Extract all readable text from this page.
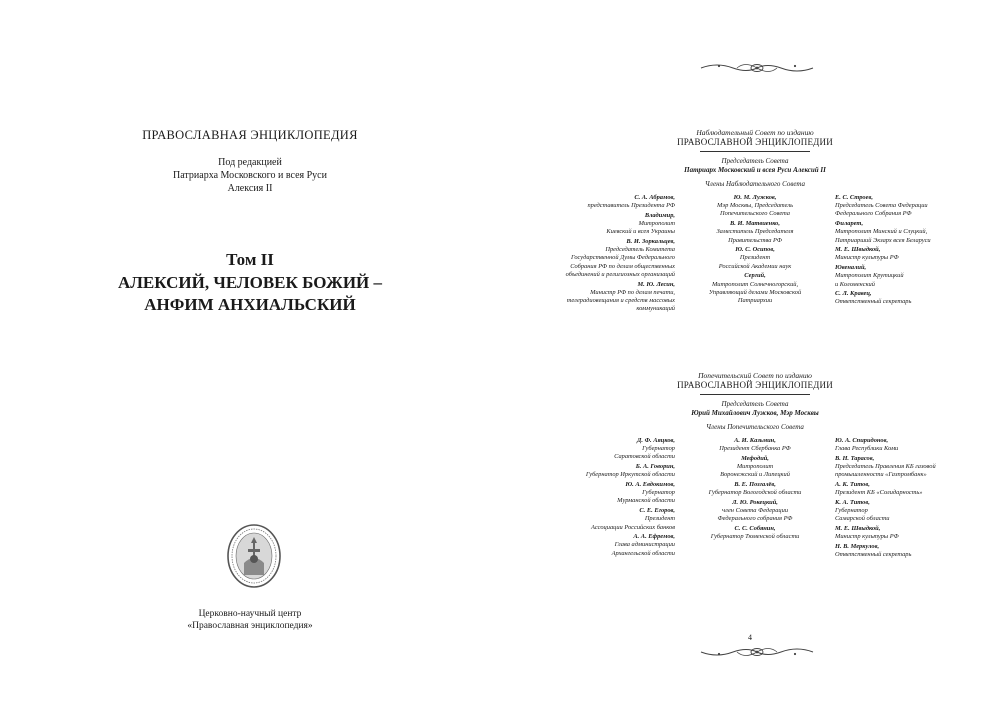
ПРАВОСЛАВНАЯ ЭНЦИКЛОПЕДИЯ
Под редакцией
Патриарха Московского и всея Руси
Алексия II
Том II
АЛЕКСИЙ, ЧЕЛОВЕК БОЖИЙ –
АНФИМ АНХИАЛЬСКИЙ
Церковно-научный центр
«Православная энциклопедия»
Наблюдательный Совет по изданию
ПРАВОСЛАВНОЙ ЭНЦИКЛОПЕДИИ
Председатель Совета
Патриарх Московский и всея Руси Алексий II
Члены Наблюдательного Совета
С. А. Абрамов,
представитель Президента РФ
Владимир,
Митрополит
Киевский и всея Украины
В. И. Зоркальцев,
Председатель Комитета
Государственной Думы Федерального
Собрания РФ по делам общественных
объединений и религиозных организаций
М. Ю. Лесин,
Министр РФ по делам печати,
телерадиовещания и средств массовых
коммуникаций
Ю. М. Лужков,
Мэр Москвы, Председатель
Попечительского Совета
В. И. Матвиенко,
Заместитель Председателя
Правительства РФ
Ю. С. Осипов,
Президент
Российской Академии наук
Сергий,
Митрополит Солнечногорский,
Управляющий делами Московской
Патриархии
Е. С. Строев,
Председатель Совета Федерации
Федерального Собрания РФ
Филарет,
Митрополит Минский и Слуцкий,
Патриарший Экзарх всея Беларуси
М. Е. Швыдкой,
Министр культуры РФ
Ювеналий,
Митрополит Крутицкий
и Коломенский
С. Л. Кравец,
Ответственный секретарь
Попечительский Совет по изданию
ПРАВОСЛАВНОЙ ЭНЦИКЛОПЕДИИ
Председатель Совета
Юрий Михайлович Лужков, Мэр Москвы
Члены Попечительского Совета
Д. Ф. Аяцков,
Губернатор
Саратовской области
Б. А. Говорин,
Губернатор Иркутской области
Ю. А. Евдокимов,
Губернатор
Мурманской области
С. Е. Егоров,
Президент
Ассоциации Российских банков
А. А. Ефремов,
Глава администрации
Архангельской области
А. И. Казьмин,
Президент Сбербанка РФ
Мефодий,
Митрополит
Воронежский и Липецкий
В. Е. Позгалёв,
Губернатор Вологодской области
Л. Ю. Рокецкий,
член Совета Федерации
Федерального собрания РФ
С. С. Собянин,
Губернатор Тюменской области
Ю. А. Спиридонов,
Глава Республики Коми
В. Н. Тарасов,
Председатель Правления КБ газовой
промышленности «Газпромбанк»
А. К. Титов,
Президент КБ «Солидарность»
К. А. Титов,
Губернатор
Самарской области
М. Е. Швыдкой,
Министр культуры РФ
Н. В. Меркулов,
Ответственный секретарь
4
